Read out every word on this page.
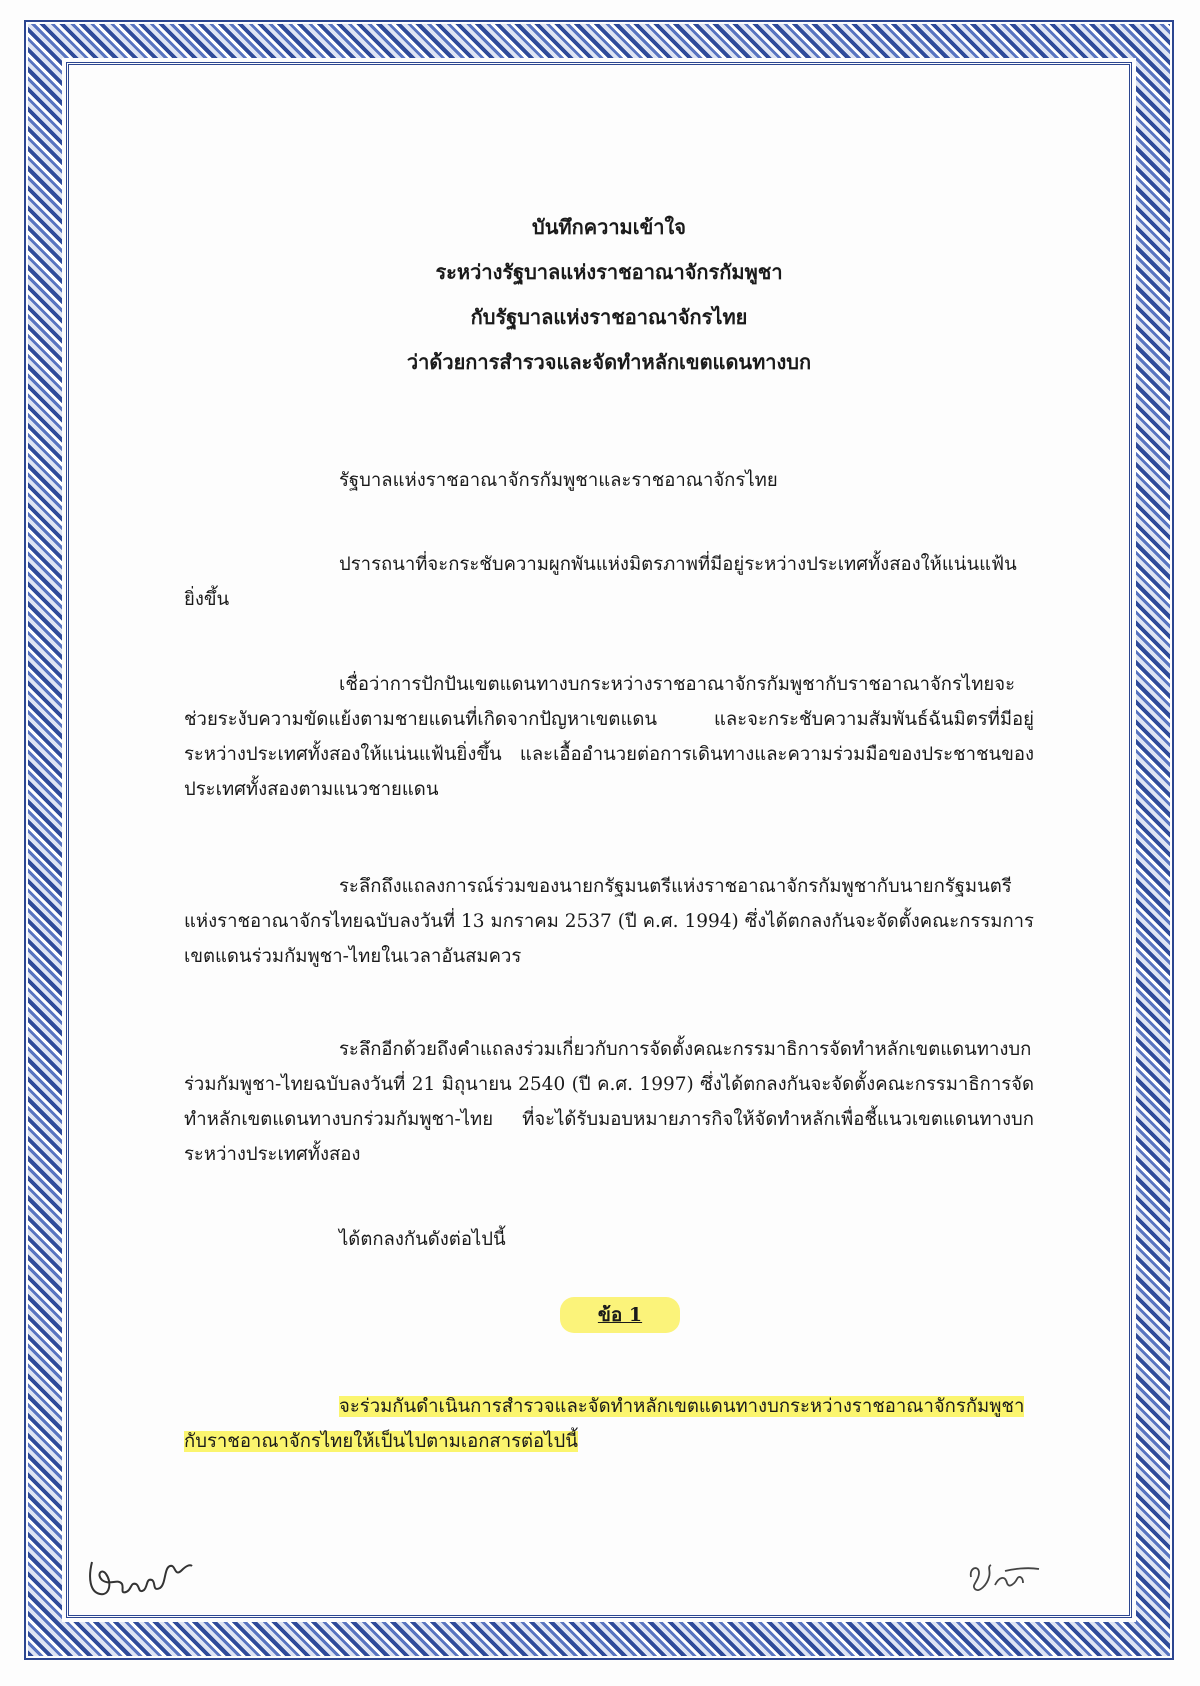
บันทึกความเข้าใจ
ระหว่างรัฐบาลแห่งราชอาณาจักรกัมพูชา
กับรัฐบาลแห่งราชอาณาจักรไทย
ว่าด้วยการสำรวจและจัดทำหลักเขตแดนทางบก
รัฐบาลแห่งราชอาณาจักรกัมพูชาและราชอาณาจักรไทย
ปรารถนาที่จะกระชับความผูกพันแห่งมิตรภาพที่มีอยู่ระหว่างประเทศทั้งสองให้แน่นแฟ้นยิ่งขึ้น
เชื่อว่าการปักปันเขตแดนทางบกระหว่างราชอาณาจักรกัมพูชากับราชอาณาจักรไทยจะช่วยระงับความขัดแย้งตามชายแดนที่เกิดจากปัญหาเขตแดน และจะกระชับความสัมพันธ์ฉันมิตรที่มีอยู่ระหว่างประเทศทั้งสองให้แน่นแฟ้นยิ่งขึ้น และเอื้ออำนวยต่อการเดินทางและความร่วมมือของประชาชนของประเทศทั้งสองตามแนวชายแดน
ระลึกถึงแถลงการณ์ร่วมของนายกรัฐมนตรีแห่งราชอาณาจักรกัมพูชากับนายกรัฐมนตรีแห่งราชอาณาจักรไทยฉบับลงวันที่ 13 มกราคม 2537 (ปี ค.ศ. 1994) ซึ่งได้ตกลงกันจะจัดตั้งคณะกรรมการเขตแดนร่วมกัมพูชา-ไทยในเวลาอันสมควร
ระลึกอีกด้วยถึงคำแถลงร่วมเกี่ยวกับการจัดตั้งคณะกรรมาธิการจัดทำหลักเขตแดนทางบกร่วมกัมพูชา-ไทยฉบับลงวันที่ 21 มิถุนายน 2540 (ปี ค.ศ. 1997) ซึ่งได้ตกลงกันจะจัดตั้งคณะกรรมาธิการจัดทำหลักเขตแดนทางบกร่วมกัมพูชา-ไทย ที่จะได้รับมอบหมายภารกิจให้จัดทำหลักเพื่อชี้แนวเขตแดนทางบกระหว่างประเทศทั้งสอง
ได้ตกลงกันดังต่อไปนี้
ข้อ 1
จะร่วมกันดำเนินการสำรวจและจัดทำหลักเขตแดนทางบกระหว่างราชอาณาจักรกัมพูชากับราชอาณาจักรไทยให้เป็นไปตามเอกสารต่อไปนี้
